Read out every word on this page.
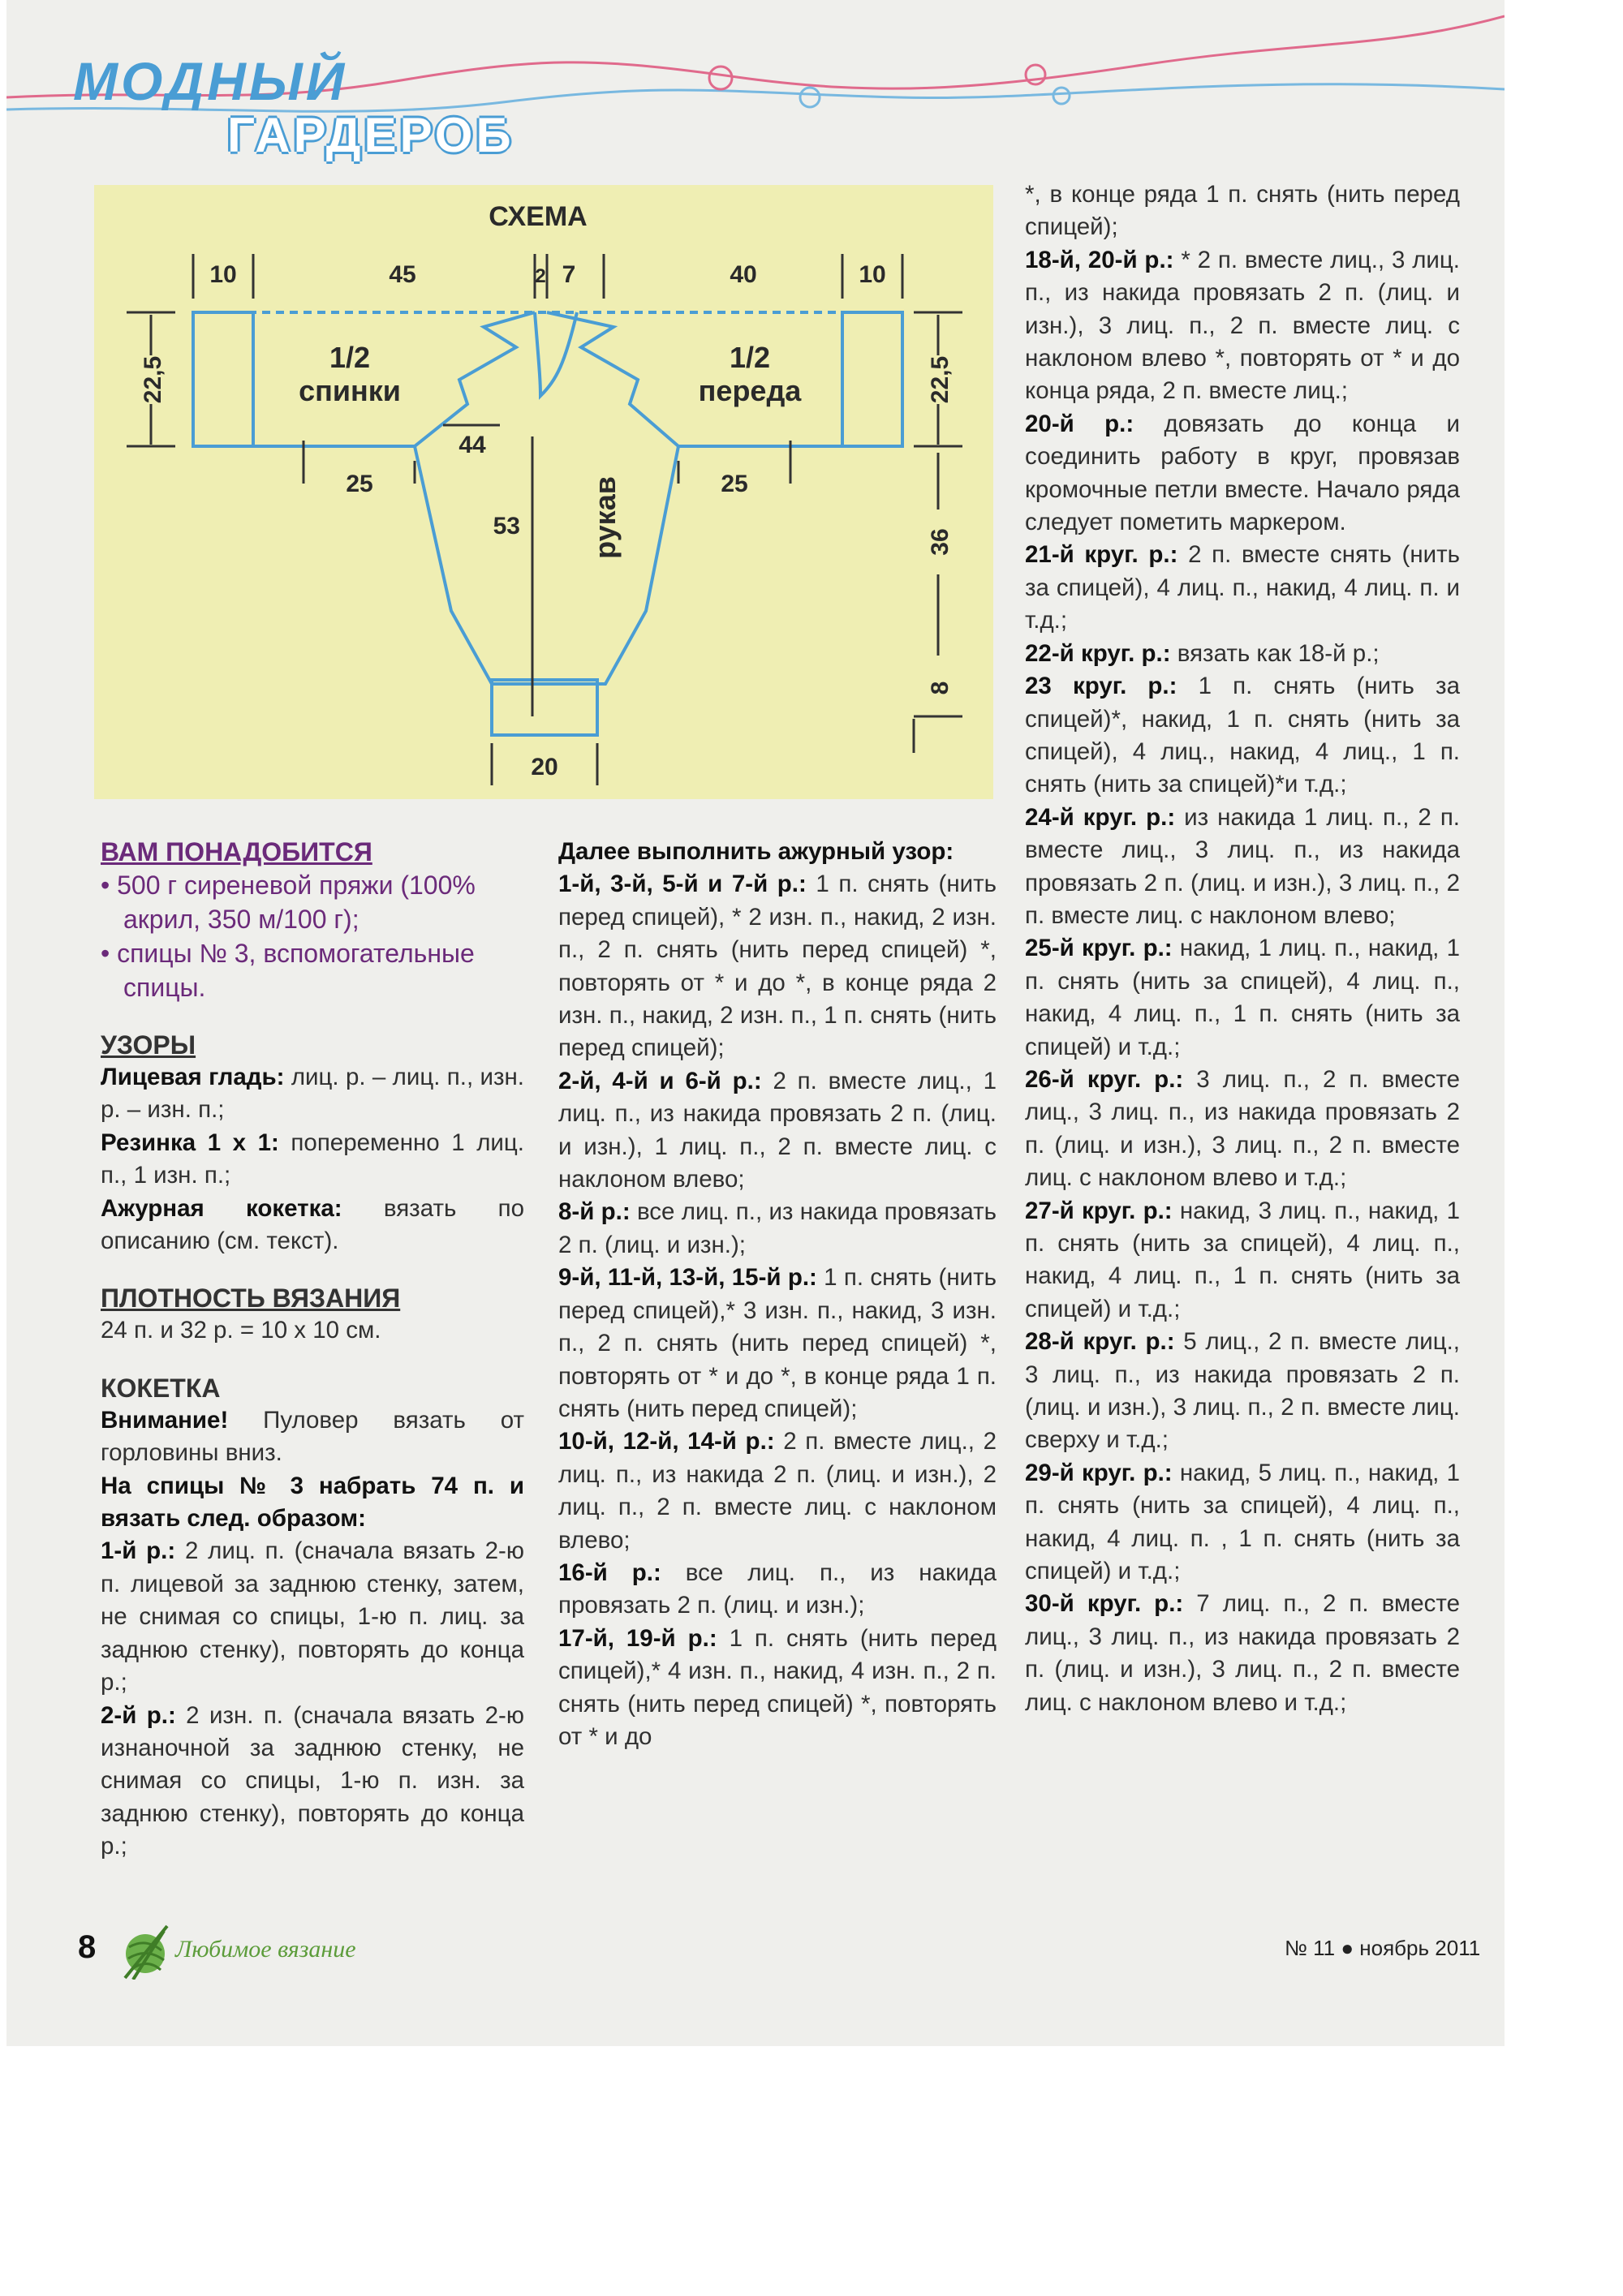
МОДНЫЙ
ГАРДЕРОБ
СХЕМА
10	45	2 7	40	10
22,5	22,5
36
8
44
25	25
53 рукав
20
1/2
спинки
1/2
переда

ВАМ ПОНАДОБИТСЯ

• 500 г сиреневой пряжи (100% акрил, 350 м/100 г);
• спицы № 3, вспомогательные спицы.

УЗОРЫ

Лицевая гладь: лиц. р. – лиц. п., изн. р. – изн. п.;

Резинка 1 х 1: попеременно 1 лиц. п., 1 изн. п.;

Ажурная кокетка: вязать по описанию (см. текст).

ПЛОТНОСТЬ ВЯЗАНИЯ

24 п. и 32 р. = 10 х 10 см.

КОКЕТКА

Внимание! Пуловер вязать от горловины вниз.

На спицы № 3 набрать 74 п. и вязать след. образом:

1-й р.: 2 лиц. п. (сначала вязать 2-ю п. лицевой за заднюю стенку, затем, не снимая со спицы, 1-ю п. лиц. за заднюю стенку), повторять до конца р.;

2-й р.: 2 изн. п. (сначала вязать 2-ю изнаночной за заднюю стенку, не снимая со спицы, 1-ю п. изн. за заднюю стенку), повторять до конца р.;

Далее выполнить ажурный узор:

1-й, 3-й, 5-й и 7-й р.: 1 п. снять (нить перед спицей), * 2 изн. п., накид, 2 изн. п., 2 п. снять (нить перед спицей) *, повторять от * и до *, в конце ряда 2 изн. п., накид, 2 изн. п., 1 п. снять (нить перед спицей);

2-й, 4-й и 6-й р.: 2 п. вместе лиц., 1 лиц. п., из накида провязать 2 п. (лиц. и изн.), 1 лиц. п., 2 п. вместе лиц. с наклоном влево;

8-й р.: все лиц. п., из накида провязать 2 п. (лиц. и изн.);

9-й, 11-й, 13-й, 15-й р.: 1 п. снять (нить перед спицей),* 3 изн. п., накид, 3 изн. п., 2 п. снять (нить перед спицей) *, повторять от * и до *, в конце ряда 1 п. снять (нить перед спицей);

10-й, 12-й, 14-й р.: 2 п. вместе лиц., 2 лиц. п., из накида 2 п. (лиц. и изн.), 2 лиц. п., 2 п. вместе лиц. с наклоном влево;

16-й р.: все лиц. п., из накида провязать 2 п. (лиц. и изн.);

17-й, 19-й р.: 1 п. снять (нить перед спицей),* 4 изн. п., накид, 4 изн. п., 2 п. снять (нить перед спицей) *, повторять от * и до

*, в конце ряда 1 п. снять (нить перед спицей);

18-й, 20-й р.: * 2 п. вместе лиц., 3 лиц. п., из накида провязать 2 п. (лиц. и изн.), 3 лиц. п., 2 п. вместе лиц. с наклоном влево *, повторять от * и до конца ряда, 2 п. вместе лиц.;

20-й р.: довязать до конца и соединить работу в круг, провязав кромочные петли вместе. Начало ряда следует пометить маркером.

21-й круг. р.: 2 п. вместе снять (нить за спицей), 4 лиц. п., накид, 4 лиц. п. и т.д.;

22-й круг. р.: вязать как 18-й р.;

23 круг. р.: 1 п. снять (нить за спицей)*, накид, 1 п. снять (нить за спицей), 4 лиц., накид, 4 лиц., 1 п. снять (нить за спицей)*и т.д.;

24-й круг. р.: из накида 1 лиц. п., 2 п. вместе лиц., 3 лиц. п., из накида провязать 2 п. (лиц. и изн.), 3 лиц. п., 2 п. вместе лиц. с наклоном влево;

25-й круг. р.: накид, 1 лиц. п., накид, 1 п. снять (нить за спицей), 4 лиц. п., накид, 4 лиц. п., 1 п. снять (нить за спицей) и т.д.;

26-й круг. р.: 3 лиц. п., 2 п. вместе лиц., 3 лиц. п., из накида провязать 2 п. (лиц. и изн.), 3 лиц. п., 2 п. вместе лиц. с наклоном влево и т.д.;

27-й круг. р.: накид, 3 лиц. п., накид, 1 п. снять (нить за спицей), 4 лиц. п., накид, 4 лиц. п., 1 п. снять (нить за спицей) и т.д.;

28-й круг. р.: 5 лиц., 2 п. вместе лиц., 3 лиц. п., из накида провязать 2 п. (лиц. и изн.), 3 лиц. п., 2 п. вместе лиц. сверху и т.д.;

29-й круг. р.: накид, 5 лиц. п., накид, 1 п. снять (нить за спицей), 4 лиц. п., накид, 4 лиц. п. , 1 п. снять (нить за спицей) и т.д.;

30-й круг. р.: 7 лиц. п., 2 п. вместе лиц., 3 лиц. п., из накида провязать 2 п. (лиц. и изн.), 3 лиц. п., 2 п. вместе лиц. с наклоном влево и т.д.;

8	Любимое вязание	№ 11 ● ноябрь 2011
